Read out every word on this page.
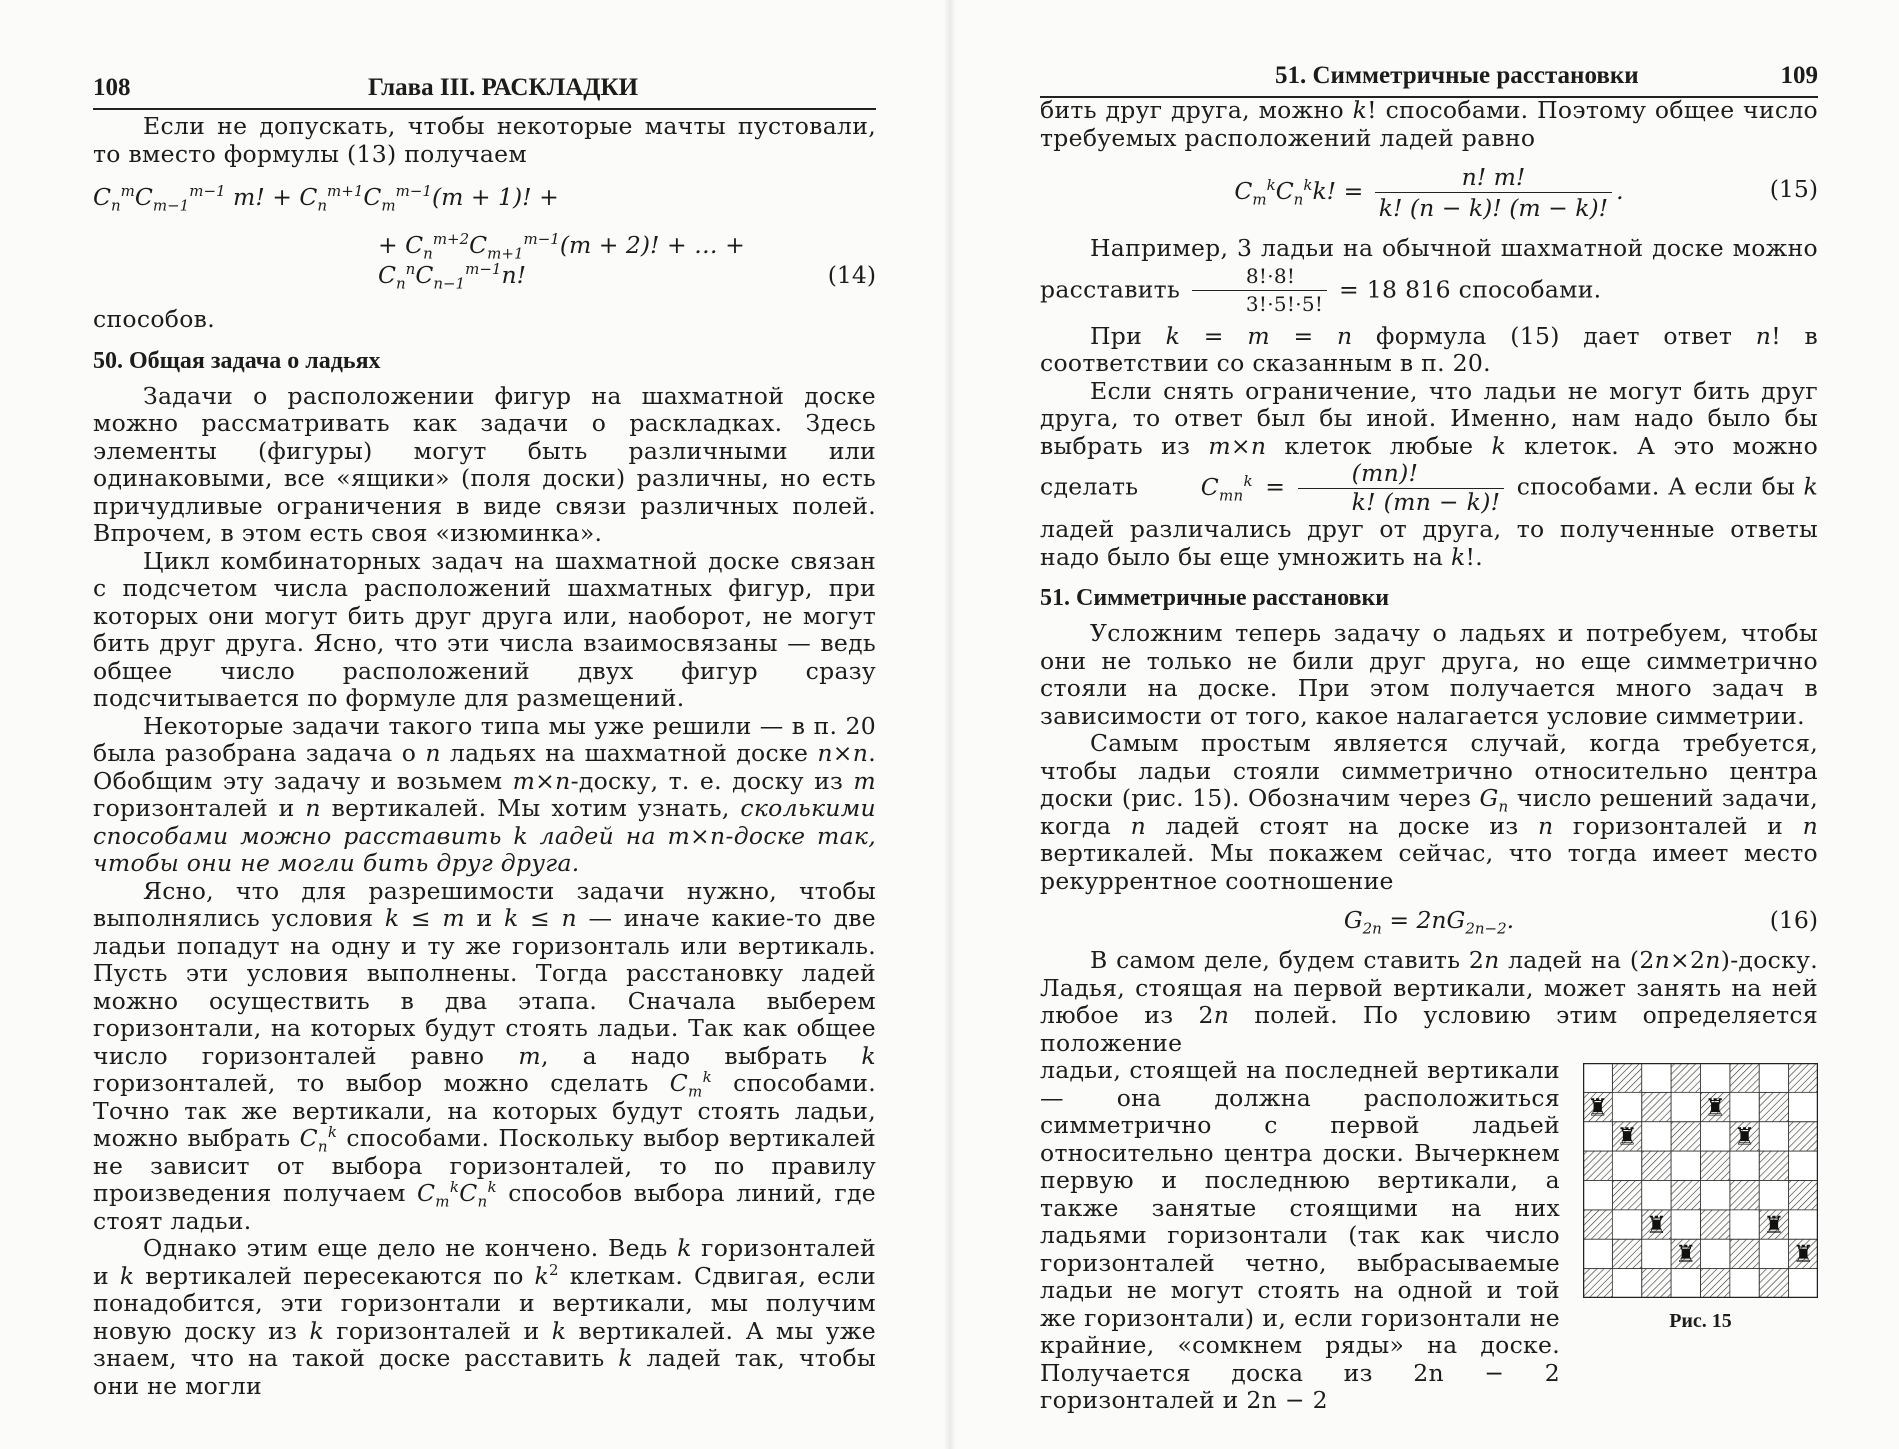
108	Глава III. РАСКЛАДКИ	51. Симметричные расстановки	109

Если не допускать, чтобы некоторые мачты пустовали, то вместо формулы (13) получаем

$C_n^mC_{m-1}^{m-1}$ m! + $C_n^{m+1}C_m^{m-1}(m + 1)$! +
+ $C_n^{m+2}C_{m+1}^{m-1}(m + 2)$! + … + $C_n^nC_{n-1}^{m-1}n$!	(14)

способов.

50. Общая задача о ладьях

Задачи о расположении фигур на шахматной доске можно рассматривать как задачи о раскладках. Здесь элементы (фигуры) могут быть различными или одинаковыми, все «ящики» (поля доски) различны, но есть причудливые ограничения в виде связи различных полей. Впрочем, в этом есть своя «изюминка».

Цикл комбинаторных задач на шахматной доске связан с подсчетом числа расположений шахматных фигур, при которых они могут бить друг друга или, наоборот, не могут бить друг друга. Ясно, что эти числа взаимосвязаны — ведь общее число расположений двух фигур сразу подсчитывается по формуле для размещений.

Некоторые задачи такого типа мы уже решили — в п. 20 была разобрана задача о n ладьях на шахматной доске n×n. Обобщим эту задачу и возьмем m×n-доску, т. е. доску из m горизонталей и n вертикалей. Мы хотим узнать, сколькими способами можно расставить k ладей на m×n-доске так, чтобы они не могли бить друг друга.

Ясно, что для разрешимости задачи нужно, чтобы выполнялись условия k ≤ m и k ≤ n — иначе какие-то две ладьи попадут на одну и ту же горизонталь или вертикаль. Пусть эти условия выполнены. Тогда расстановку ладей можно осуществить в два этапа. Сначала выберем горизонтали, на которых будут стоять ладьи. Так как общее число горизонталей равно m, а надо выбрать k горизонталей, то выбор можно сделать $C_m^k$ способами. Точно так же вертикали, на которых будут стоять ладьи, можно выбрать $C_n^k$ способами. Поскольку выбор вертикалей не зависит от выбора горизонталей, то по правилу произведения получаем $C_m^kC_n^k$ способов выбора линий, где стоят ладьи.

Однако этим еще дело не кончено. Ведь k горизонталей и k вертикалей пересекаются по $k^2$ клеткам. Сдвигая, если понадобится, эти горизонтали и вертикали, мы получим новую доску из k горизонталей и k вертикалей. А мы уже знаем, что на такой доске расставить k ладей так, чтобы они не могли

бить друг друга, можно k! способами. Поэтому общее число требуемых расположений ладей равно

$C_m^kC_n^kk$! = $\frac{n! m!}{k! (n - k)! (m - k)!}$ .	(15)

Например, 3 ладьи на обычной шахматной доске можно расставить $\frac{8!\cdot 8!}{3!\cdot 5!\cdot 5!} = 18$ 816 способами.

При k = m = n формула (15) дает ответ n! в соответствии со сказанным в п. 20.

Если снять ограничение, что ладьи не могут бить друг друга, то ответ был бы иной. Именно, нам надо было бы выбрать из m×n клеток любые k клеток. А это можно сделать	$C_{mn}^k = \frac{(mn)!}{k! (mn - k)!}$ способами. А если бы k ладей различались друг от друга, то полученные ответы надо было бы еще умножить на k!.

51. Симметричные расстановки

Усложним теперь задачу о ладьях и потребуем, чтобы они не только не били друг друга, но еще симметрично стояли на доске. При этом получается много задач в зависимости от того, какое налагается условие симметрии.

Самым простым является случай, когда требуется, чтобы ладьи стояли симметрично относительно центра доски (рис. 15). Обозначим через $G_n$ число решений задачи, когда n ладей стоят на доске из n горизонталей и n вертикалей. Мы покажем сейчас, что тогда имеет место рекуррентное соотношение

$G_{2n} = 2nG_{2n-2}$.	(16)

В самом деле, будем ставить 2n ладей на (2n×2n)-доску. Ладья, стоящая на первой вертикали, может занять на ней любое из 2n полей. По условию этим определяется положение

ладьи, стоящей на последней вертикали — она должна расположиться симметрично с первой ладьей относительно центра доски. Вычеркнем первую и последнюю вертикали, а также занятые стоящими на них ладьями горизонтали (так как число горизонталей четно, выбрасываемые ладьи не могут стоять на одной и той же горизонтали) и, если горизонтали не крайние, «сомкнем ряды» на доске. Получается доска из 2n − 2 горизонталей и 2n − 2

♜
♜
♜
♜
♜
♜
♜
♜
Рис. 15
